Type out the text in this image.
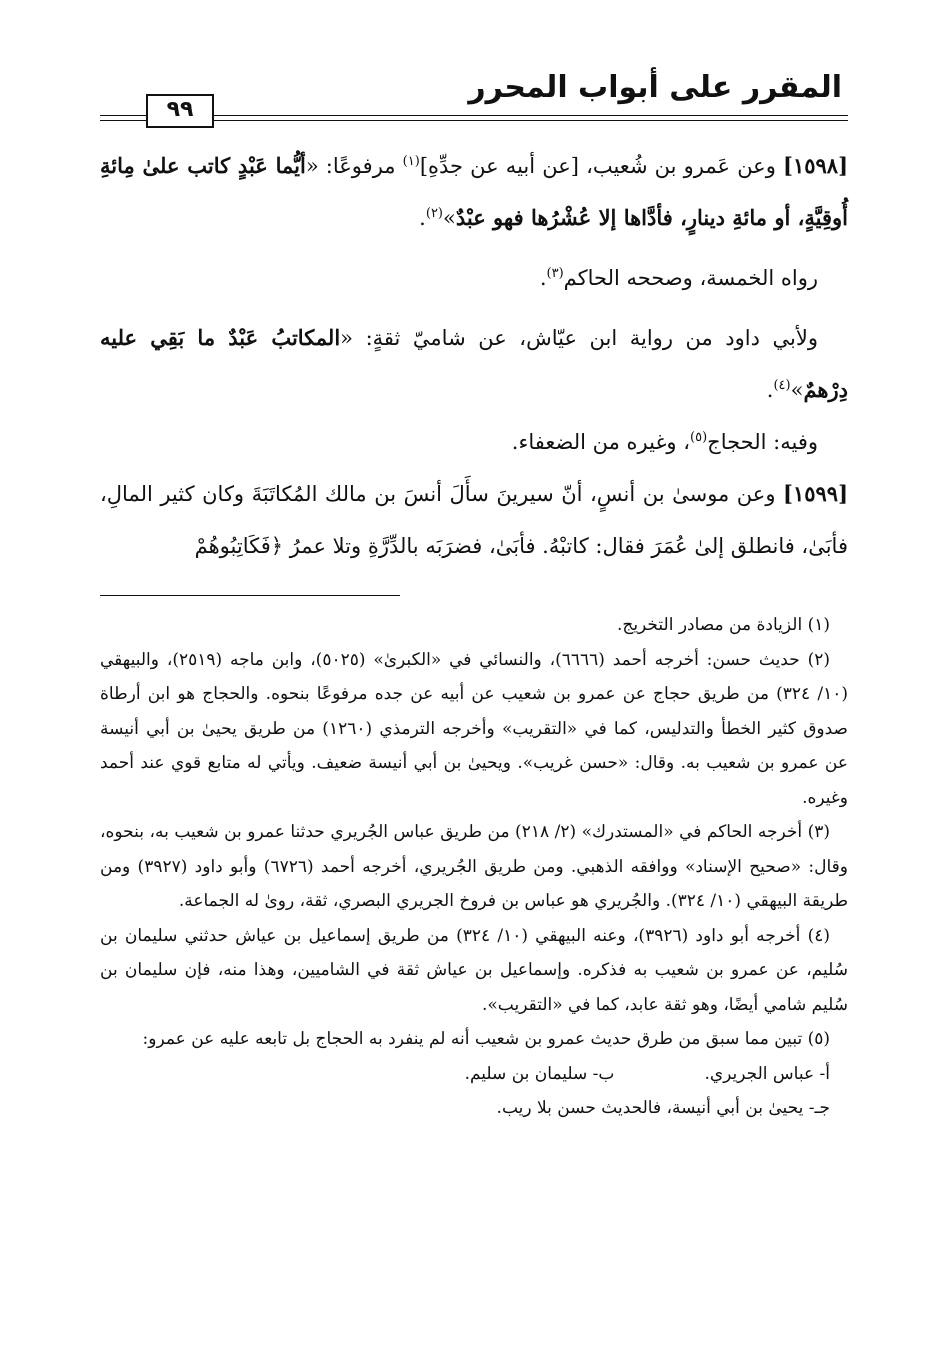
المقرر على أبواب المحرر
٩٩

[١٥٩٨] وعن عَمرو بن شُعيب، [عن أبيه عن جدِّهِ]$^{(١)}$ مرفوعًا: «أيُّما عَبْدٍ كاتب علىٰ مِائةِ أُوقِيَّةٍ، أو مائةِ دينارٍ، فأدَّاها إلا عُشْرُها فهو عبْدٌ»$^{(٢)}$.

رواه الخمسة، وصححه الحاكم$^{(٣)}$.

ولأبي داود من رواية ابن عيّاش، عن شاميّ ثقةٍ: «المكاتبُ عَبْدٌ ما بَقِي عليه دِرْهمٌ»$^{(٤)}$.

وفيه: الحجاج$^{(٥)}$، وغيره من الضعفاء.

[١٥٩٩] وعن موسىٰ بن أنسٍ، أنّ سيرينَ سأَلَ أنسَ بن مالك المُكاتَبَةَ وكان كثير المالِ، فأبَىٰ، فانطلق إلىٰ عُمَرَ فقال: كاتبْهُ. فأبَىٰ، فضرَبَه بالدِّرَّةِ وتلا عمرُ ﴿فَكَاتِبُوهُمْ

(١) الزيادة من مصادر التخريج.

(٢) حديث حسن: أخرجه أحمد (٦٦٦٦)، والنسائي في «الكبرىٰ» (٥٠٢٥)، وابن ماجه (٢٥١٩)، والبيهقي (١٠/ ٣٢٤) من طريق حجاج عن عمرو بن شعيب عن أبيه عن جده مرفوعًا بنحوه. والحجاج هو ابن أرطاة صدوق كثير الخطأ والتدليس، كما في «التقريب» وأخرجه الترمذي (١٢٦٠) من طريق يحيىٰ بن أبي أنيسة عن عمرو بن شعيب به. وقال: «حسن غريب». ويحيىٰ بن أبي أنيسة ضعيف. ويأتي له متابع قوي عند أحمد وغيره.

(٣) أخرجه الحاكم في «المستدرك» (٢/ ٢١٨) من طريق عباس الجُريري حدثنا عمرو بن شعيب به، بنحوه، وقال: «صحيح الإسناد» ووافقه الذهبي. ومن طريق الجُريري، أخرجه أحمد (٦٧٢٦) وأبو داود (٣٩٢٧) ومن طريقة البيهقي (١٠/ ٣٢٤). والجُريري هو عباس بن فروخ الجريري البصري، ثقة، روىٰ له الجماعة.

(٤) أخرجه أبو داود (٣٩٢٦)، وعنه البيهقي (١٠/ ٣٢٤) من طريق إسماعيل بن عياش حدثني سليمان بن سُليم، عن عمرو بن شعيب به فذكره. وإسماعيل بن عياش ثقة في الشاميين، وهذا منه، فإن سليمان بن سُليم شامي أيضًا، وهو ثقة عابد، كما في «التقريب».

(٥) تبين مما سبق من طرق حديث عمرو بن شعيب أنه لم ينفرد به الحجاج بل تابعه عليه عن عمرو:

أ- عباس الجريري.
ب- سليمان بن سليم.

جـ- يحيىٰ بن أبي أنيسة، فالحديث حسن بلا ريب.
